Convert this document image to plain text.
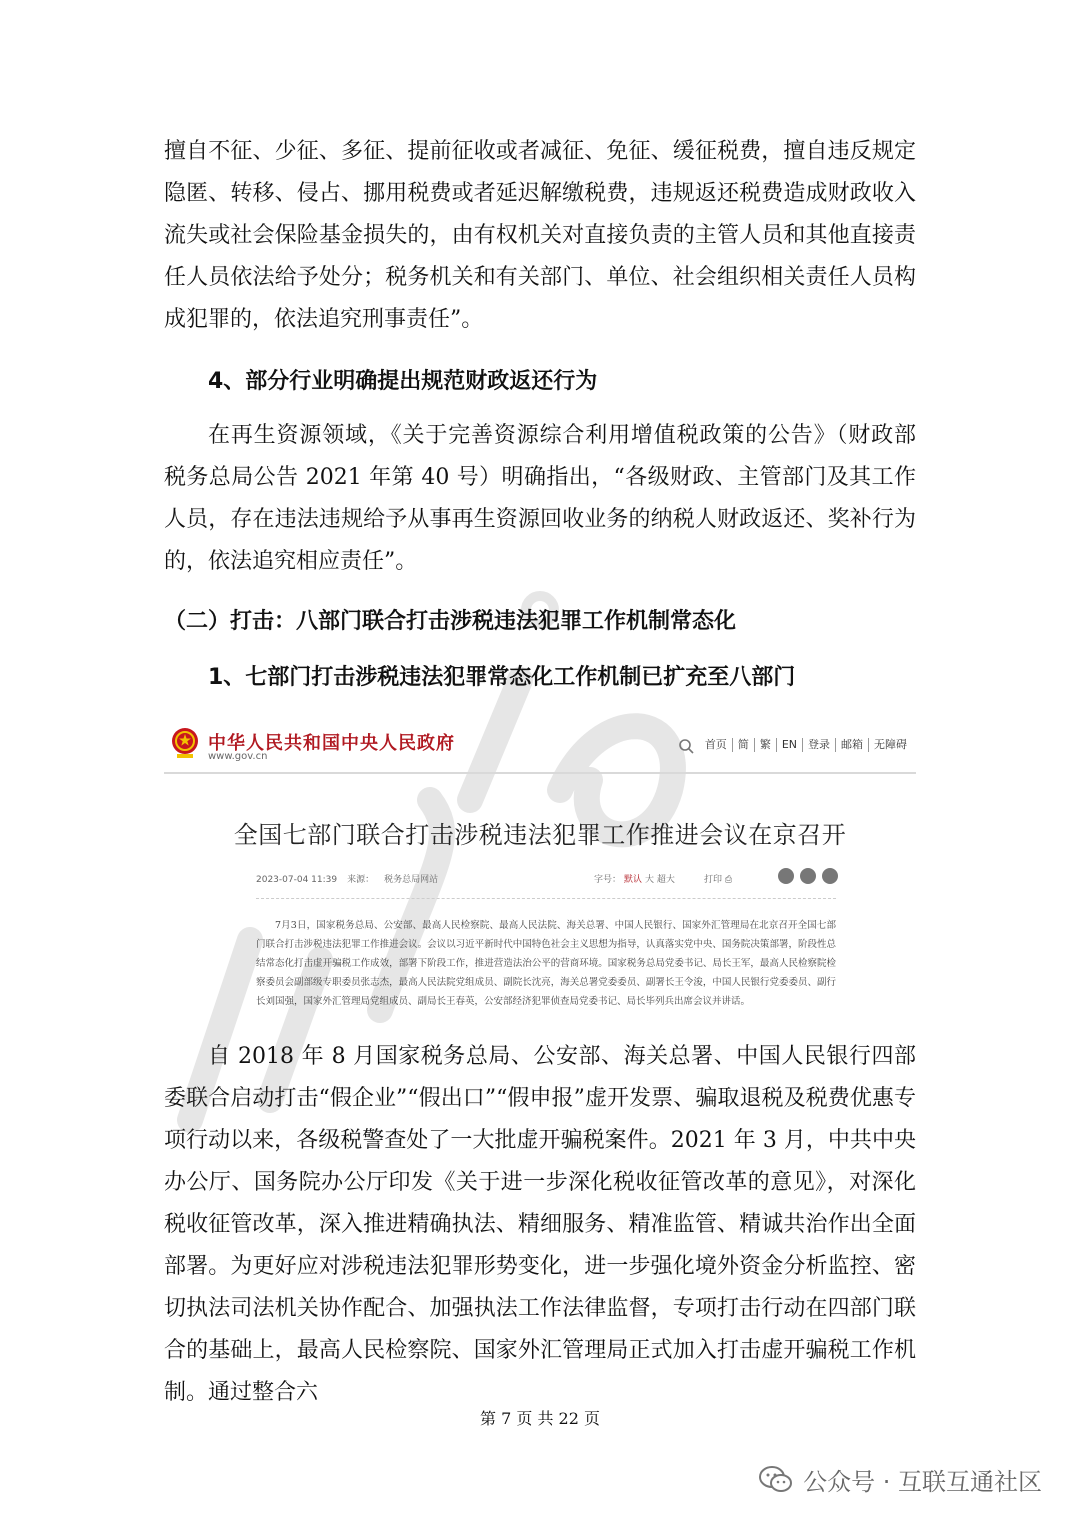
擅自不征、少征、多征、提前征收或者减征、免征、缓征税费，擅自违反规定隐匿、转移、侵占、挪用税费或者延迟解缴税费，违规返还税费造成财政收入流失或社会保险基金损失的，由有权机关对直接负责的主管人员和其他直接责任人员依法给予处分；税务机关和有关部门、单位、社会组织相关责任人员构成犯罪的，依法追究刑事责任”。
4、部分行业明确提出规范财政返还行为
在再生资源领域，《关于完善资源综合利用增值税政策的公告》（财政部 税务总局公告 2021 年第 40 号）明确指出，“各级财政、主管部门及其工作人员，存在违法违规给予从事再生资源回收业务的纳税人财政返还、奖补行为的，依法追究相应责任”。
（二）打击：八部门联合打击涉税违法犯罪工作机制常态化
1、七部门打击涉税违法犯罪常态化工作机制已扩充至八部门
中华人民共和国中央人民政府
www.gov.cn
首页	简	繁	EN	登录	邮箱	无障碍
全国七部门联合打击涉税违法犯罪工作推进会议在京召开
2023-07-04 11:39 来源： 税务总局网站	字号： 默认 大 超大	打印 ⎙
7月3日，国家税务总局、公安部、最高人民检察院、最高人民法院、海关总署、中国人民银行、国家外汇管理局在北京召开全国七部门联合打击涉税违法犯罪工作推进会议。会议以习近平新时代中国特色社会主义思想为指导，认真落实党中央、国务院决策部署，阶段性总结常态化打击虚开骗税工作成效，部署下阶段工作，推进营造法治公平的营商环境。国家税务总局党委书记、局长王军，最高人民检察院检察委员会副部级专职委员张志杰，最高人民法院党组成员、副院长沈亮，海关总署党委委员、副署长王令浚，中国人民银行党委委员、副行长刘国强，国家外汇管理局党组成员、副局长王春英，公安部经济犯罪侦查局党委书记、局长毕列兵出席会议并讲话。
自 2018 年 8 月国家税务总局、公安部、海关总署、中国人民银行四部委联合启动打击“假企业”“假出口”“假申报”虚开发票、骗取退税及税费优惠专项行动以来，各级税警查处了一大批虚开骗税案件。2021 年 3 月，中共中央办公厅、国务院办公厅印发《关于进一步深化税收征管改革的意见》，对深化税收征管改革，深入推进精确执法、精细服务、精准监管、精诚共治作出全面部署。为更好应对涉税违法犯罪形势变化，进一步强化境外资金分析监控、密切执法司法机关协作配合、加强执法工作法律监督，专项打击行动在四部门联合的基础上，最高人民检察院、国家外汇管理局正式加入打击虚开骗税工作机制。通过整合六
第 7 页 共 22 页
公众号 · 互联互通社区
